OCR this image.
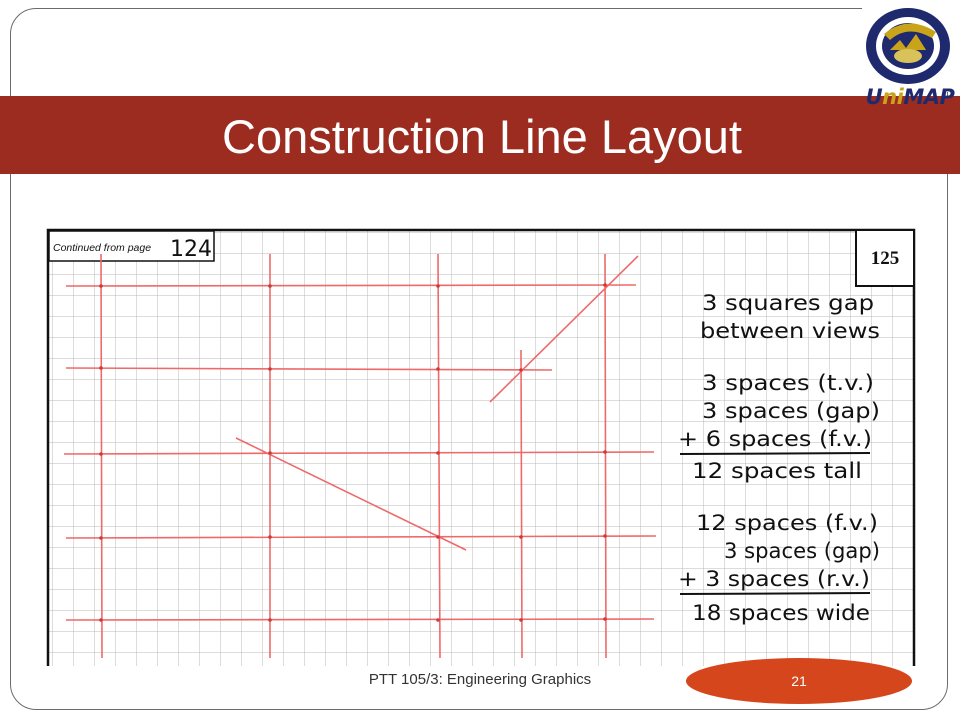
Construction Line Layout
UniMAP
Continued from page 124	125
3 squares gap
between views
3 spaces (t.v.)
3 spaces (gap)
+ 6 spaces (f.v.)
12 spaces tall
12 spaces (f.v.)
3 spaces (gap)
+ 3 spaces (r.v.)
18 spaces wide
PTT 105/3: Engineering Graphics	21
